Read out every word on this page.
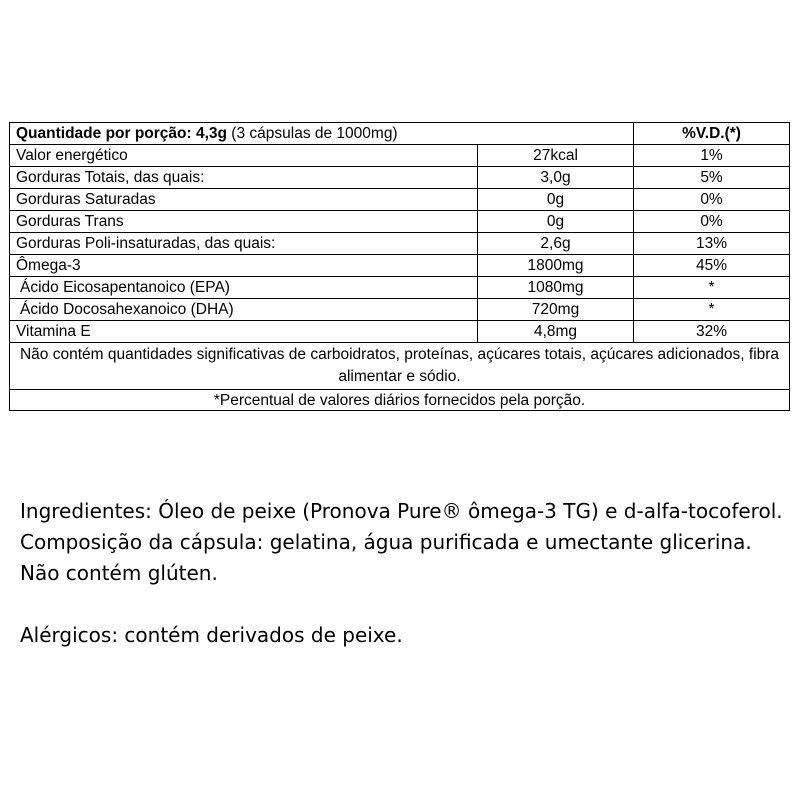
Quantidade por porção: 4,3g (3 cápsulas de 1000mg)		%V.D.(*)
Valor energético	27kcal	1%
Gorduras Totais, das quais:	3,0g	5%
Gorduras Saturadas	0g	0%
Gorduras Trans	0g	0%
Gorduras Poli-insaturadas, das quais:	2,6g	13%
Ômega-3	1800mg	45%
Ácido Eicosapentanoico (EPA)	1080mg	*
Ácido Docosahexanoico (DHA)	720mg	*
Vitamina E	4,8mg	32%
Não contém quantidades significativas de carboidratos, proteínas, açúcares totais, açúcares adicionados, fibra alimentar e sódio.		
*Percentual de valores diários fornecidos pela porção.		

Ingredientes: Óleo de peixe (Pronova Pure® ômega-3 TG) e d-alfa-tocoferol.

Composição da cápsula: gelatina, água purificada e umectante glicerina. Não contém glúten.

Alérgicos: contém derivados de peixe.
